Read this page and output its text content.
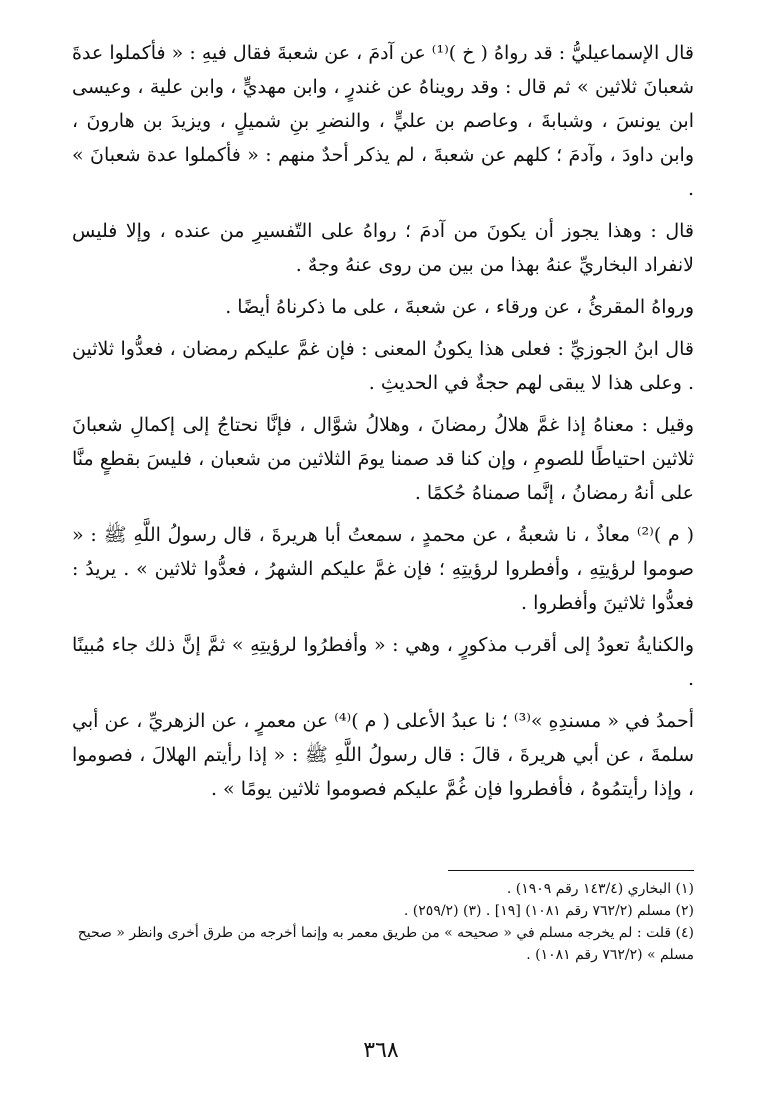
قال الإسماعيليُّ : قد رواهُ ( خ )⁽¹⁾ عن آدمَ ، عن شعبةَ فقال فيهِ : « فأكملوا عدةَ شعبانَ ثلاثين » ثم قال : وقد رويناهُ عن غندرٍ ، وابن مهديٍّ ، وابن علية ، وعيسى ابن يونسَ ، وشبابةَ ، وعاصم بن عليٍّ ، والنضرِ بنِ شميلٍ ، ويزيدَ بن هارونَ ، وابن داودَ ، وآدمَ ؛ كلهم عن شعبةَ ، لم يذكر أحدٌ منهم : « فأكملوا عدة شعبانَ » .

قال : وهذا يجوز أن يكونَ من آدمَ ؛ رواهُ على التّفسيرِ من عنده ، وإلا فليس لانفراد البخاريِّ عنهُ بهذا من بين من روى عنهُ وجهٌ .

ورواهُ المقرئُ ، عن ورقاء ، عن شعبةَ ، على ما ذكرناهُ أيضًا .

قال ابنُ الجوزيِّ : فعلى هذا يكونُ المعنى : فإن غمَّ عليكم رمضان ، فعدُّوا ثلاثين . وعلى هذا لا يبقى لهم حجةٌ في الحديثِ .

وقيل : معناهُ إذا غمَّ هلالُ رمضانَ ، وهلالُ شوَّال ، فإنَّا نحتاجُ إلى إكمالِ شعبانَ ثلاثين احتياطًا للصومِ ، وإن كنا قد صمنا يومَ الثلاثين من شعبان ، فليسَ بقطعٍ منَّا على أنهُ رمضانُ ، إنَّما صمناهُ حُكمًا .

( م )⁽²⁾ معاذٌ ، نا شعبةُ ، عن محمدٍ ، سمعتُ أبا هريرةَ ، قال رسولُ اللَّهِ ﷺ : « صوموا لرؤيتِهِ ، وأفطروا لرؤيتِهِ ؛ فإن غمَّ عليكم الشهرُ ، فعدُّوا ثلاثين » . يريدُ : فعدُّوا ثلاثينَ وأفطروا .

والكنايةُ تعودُ إلى أقرب مذكورٍ ، وهي : « وأفطرُوا لرؤيتِهِ » ثمَّ إنَّ ذلك جاء مُبينًا .

أحمدُ في « مسندِهِ »⁽³⁾ ؛ نا عبدُ الأعلى ( م )⁽⁴⁾ عن معمرٍ ، عن الزهريِّ ، عن أبي سلمةَ ، عن أبي هريرةَ ، قالَ : قال رسولُ اللَّهِ ﷺ : « إذا رأيتم الهلالَ ، فصوموا ، وإذا رأيتمُوهُ ، فأفطروا فإن غُمَّ عليكم فصوموا ثلاثين يومًا » .

(١) البخاري (١٤٣/٤ رقم ١٩٠٩) .

(٢) مسلم (٧٦٢/٢ رقم ١٠٨١) [١٩] . (٣) (٢٥٩/٢) .

(٤) قلت : لم يخرجه مسلم في « صحيحه » من طريق معمر به وإنما أخرجه من طرق أخرى وانظر « صحيح مسلم » (٧٦٢/٢ رقم ١٠٨١) .

٣٦٨
